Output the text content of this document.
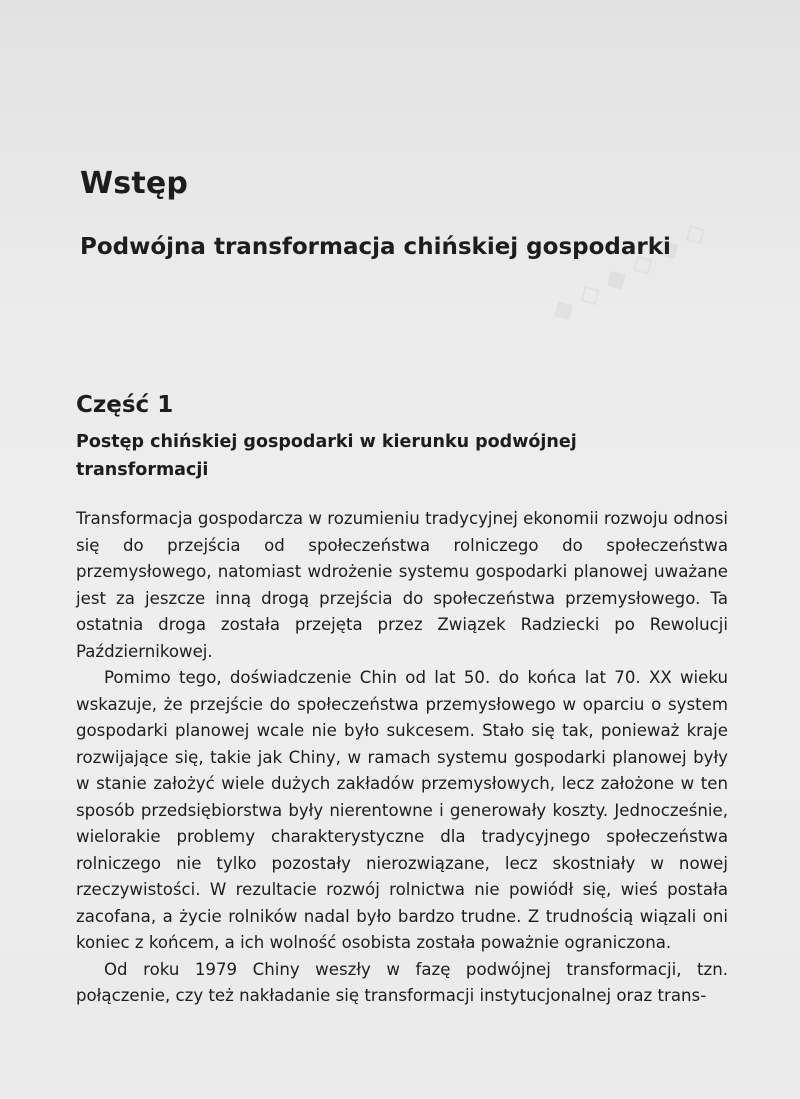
◆ ◇ ◆ ◇ ◆ ◇
Wstęp
Podwójna transformacja chińskiej gospodarki
Część 1
Postęp chińskiej gospodarki w kierunku podwójnej transformacji

Transformacja gospodarcza w rozumieniu tradycyjnej ekonomii rozwoju odnosi się do przejścia od społeczeństwa rolniczego do społeczeństwa przemysłowego, natomiast wdrożenie systemu gospodarki planowej uważane jest za jeszcze inną drogą przejścia do społeczeństwa przemysłowego. Ta ostatnia droga została przejęta przez Związek Radziecki po Rewolucji Październikowej.

Pomimo tego, doświadczenie Chin od lat 50. do końca lat 70. XX wieku wskazuje, że przejście do społeczeństwa przemysłowego w oparciu o system gospodarki planowej wcale nie było sukcesem. Stało się tak, ponieważ kraje rozwijające się, takie jak Chiny, w ramach systemu gospodarki planowej były w stanie założyć wiele dużych zakładów przemysłowych, lecz założone w ten sposób przedsiębiorstwa były nierentowne i generowały koszty. Jednocześnie, wielorakie problemy charakterystyczne dla tradycyjnego społeczeństwa rolniczego nie tylko pozostały nierozwiązane, lecz skostniały w nowej rzeczywistości. W rezultacie rozwój rolnictwa nie powiódł się, wieś postała zacofana, a życie rolników nadal było bardzo trudne. Z trudnością wiązali oni koniec z końcem, a ich wolność osobista została poważnie ograniczona.

Od roku 1979 Chiny weszły w fazę podwójnej transformacji, tzn. połączenie, czy też nakładanie się transformacji instytucjonalnej oraz trans-
